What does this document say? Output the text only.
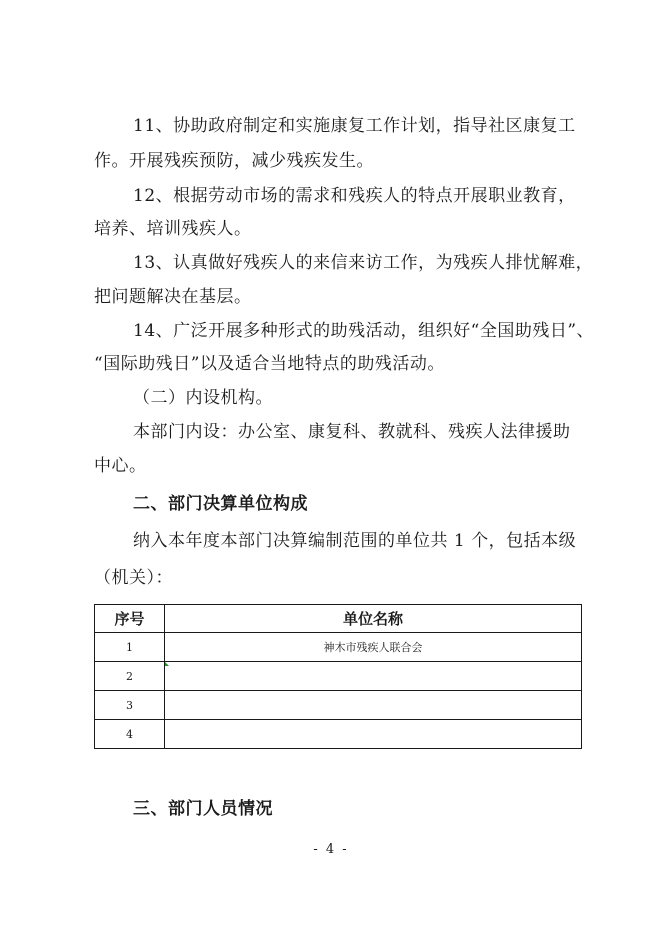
11、协助政府制定和实施康复工作计划，指导社区康复工
作。开展残疾预防，减少残疾发生。
12、根据劳动市场的需求和残疾人的特点开展职业教育，
培养、培训残疾人。
13、认真做好残疾人的来信来访工作，为残疾人排忧解难，
把问题解决在基层。
14、广泛开展多种形式的助残活动，组织好“全国助残日”、
“国际助残日”以及适合当地特点的助残活动。
（二）内设机构。
本部门内设：办公室、康复科、教就科、残疾人法律援助
中心。
二、部门决算单位构成
纳入本年度本部门决算编制范围的单位共 1 个，包括本级
（机关）：
序号	单位名称
1	神木市残疾人联合会
2	
3	
4	
三、部门人员情况
- 4 -
